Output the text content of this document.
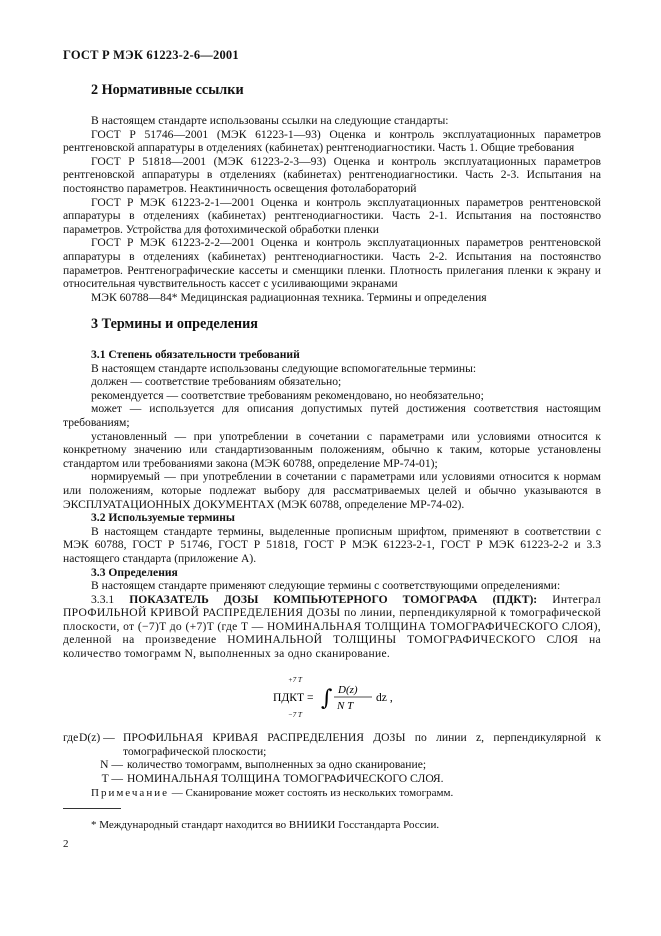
ГОСТ Р МЭК 61223-2-6—2001
2 Нормативные ссылки

В настоящем стандарте использованы ссылки на следующие стандарты:

ГОСТ Р 51746—2001 (МЭК 61223-1—93) Оценка и контроль эксплуатационных параметров рентгеновской аппаратуры в отделениях (кабинетах) рентгенодиагностики. Часть 1. Общие требования

ГОСТ Р 51818—2001 (МЭК 61223-2-3—93) Оценка и контроль эксплуатационных параметров рентгеновской аппаратуры в отделениях (кабинетах) рентгенодиагностики. Часть 2-3. Испытания на постоянство параметров. Неактиничность освещения фотолабораторий

ГОСТ Р МЭК 61223-2-1—2001 Оценка и контроль эксплуатационных параметров рентгеновской аппаратуры в отделениях (кабинетах) рентгенодиагностики. Часть 2-1. Испытания на постоянство параметров. Устройства для фотохимической обработки пленки

ГОСТ Р МЭК 61223-2-2—2001 Оценка и контроль эксплуатационных параметров рентгеновской аппаратуры в отделениях (кабинетах) рентгенодиагностики. Часть 2-2. Испытания на постоянство параметров. Рентгенографические кассеты и сменщики пленки. Плотность прилегания пленки к экрану и относительная чувствительность кассет с усиливающими экранами

МЭК 60788—84* Медицинская радиационная техника. Термины и определения

3 Термины и определения

3.1 Степень обязательности требований

В настоящем стандарте использованы следующие вспомогательные термины:

должен — соответствие требованиям обязательно;

рекомендуется — соответствие требованиям рекомендовано, но необязательно;

может — используется для описания допустимых путей достижения соответствия настоящим требованиям;

установленный — при употреблении в сочетании с параметрами или условиями относится к конкретному значению или стандартизованным положениям, обычно к таким, которые установлены стандартом или требованиями закона (МЭК 60788, определение MP-74-01);

нормируемый — при употреблении в сочетании с параметрами или условиями относится к нормам или положениям, которые подлежат выбору для рассматриваемых целей и обычно указываются в ЭКСПЛУАТАЦИОННЫХ ДОКУМЕНТАХ (МЭК 60788, определение MP-74-02).

3.2 Используемые термины

В настоящем стандарте термины, выделенные прописным шрифтом, применяют в соответствии с МЭК 60788, ГОСТ Р 51746, ГОСТ Р 51818, ГОСТ Р МЭК 61223-2-1, ГОСТ Р МЭК 61223-2-2 и 3.3 настоящего стандарта (приложение А).

3.3 Определения

В настоящем стандарте применяют следующие термины с соответствующими определениями:

3.3.1 ПОКАЗАТЕЛЬ ДОЗЫ КОМПЬЮТЕРНОГО ТОМОГРАФА (ПДКТ): Интеграл ПРОФИЛЬНОЙ КРИВОЙ РАСПРЕДЕЛЕНИЯ ДОЗЫ по линии, перпендикулярной к томографической плоскости, от (−7)T до (+7)T (где T — НОМИНАЛЬНАЯ ТОЛЩИНА ТОМОГРАФИЧЕСКОГО СЛОЯ), деленной на произведение НОМИНАЛЬНОЙ ТОЛЩИНЫ ТОМОГРАФИЧЕСКОГО СЛОЯ на количество томограмм N, выполненных за одно сканирование.

+7 T
ПДКТ = ∫
−7 T
D(z)
N T
dz ,
где D(z) — ПРОФИЛЬНАЯ КРИВАЯ РАСПРЕДЕЛЕНИЯ ДОЗЫ по линии z, перпендикулярной к томографической плоскости;
N — количество томограмм, выполненных за одно сканирование;
T — НОМИНАЛЬНАЯ ТОЛЩИНА ТОМОГРАФИЧЕСКОГО СЛОЯ.
Примечание — Сканирование может состоять из нескольких томограмм.
* Международный стандарт находится во ВНИИКИ Госстандарта России.
2
